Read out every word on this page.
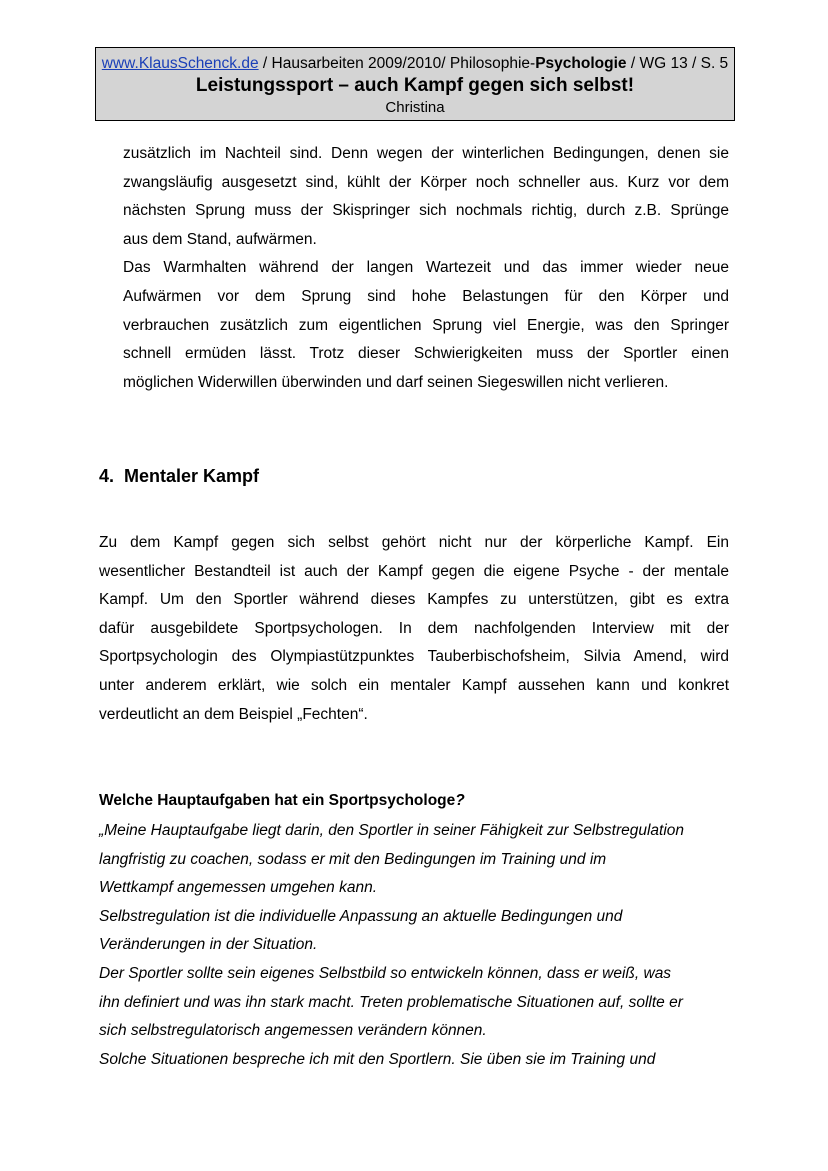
www.KlausSchenck.de / Hausarbeiten 2009/2010/ Philosophie-Psychologie / WG 13 / S. 5
Leistungssport – auch Kampf gegen sich selbst!
Christina
zusätzlich im Nachteil sind. Denn wegen der winterlichen Bedingungen, denen sie
zwangsläufig ausgesetzt sind, kühlt der Körper noch schneller aus. Kurz vor dem
nächsten Sprung muss der Skispringer sich nochmals richtig, durch z.B. Sprünge
aus dem Stand, aufwärmen.
Das Warmhalten während der langen Wartezeit und das immer wieder neue
Aufwärmen vor dem Sprung sind hohe Belastungen für den Körper und
verbrauchen zusätzlich zum eigentlichen Sprung viel Energie, was den Springer
schnell ermüden lässt. Trotz dieser Schwierigkeiten muss der Sportler einen
möglichen Widerwillen überwinden und darf seinen Siegeswillen nicht verlieren.
4. Mentaler Kampf
Zu dem Kampf gegen sich selbst gehört nicht nur der körperliche Kampf. Ein
wesentlicher Bestandteil ist auch der Kampf gegen die eigene Psyche - der mentale
Kampf. Um den Sportler während dieses Kampfes zu unterstützen, gibt es extra
dafür ausgebildete Sportpsychologen. In dem nachfolgenden Interview mit der
Sportpsychologin des Olympiastützpunktes Tauberbischofsheim, Silvia Amend, wird
unter anderem erklärt, wie solch ein mentaler Kampf aussehen kann und konkret
verdeutlicht an dem Beispiel „Fechten“.

Welche Hauptaufgaben hat ein Sportpsychologe?

„Meine Hauptaufgabe liegt darin, den Sportler in seiner Fähigkeit zur Selbstregulation
langfristig zu coachen, sodass er mit den Bedingungen im Training und im
Wettkampf angemessen umgehen kann.
Selbstregulation ist die individuelle Anpassung an aktuelle Bedingungen und
Veränderungen in der Situation.
Der Sportler sollte sein eigenes Selbstbild so entwickeln können, dass er weiß, was
ihn definiert und was ihn stark macht. Treten problematische Situationen auf, sollte er
sich selbstregulatorisch angemessen verändern können.
Solche Situationen bespreche ich mit den Sportlern. Sie üben sie im Training und
